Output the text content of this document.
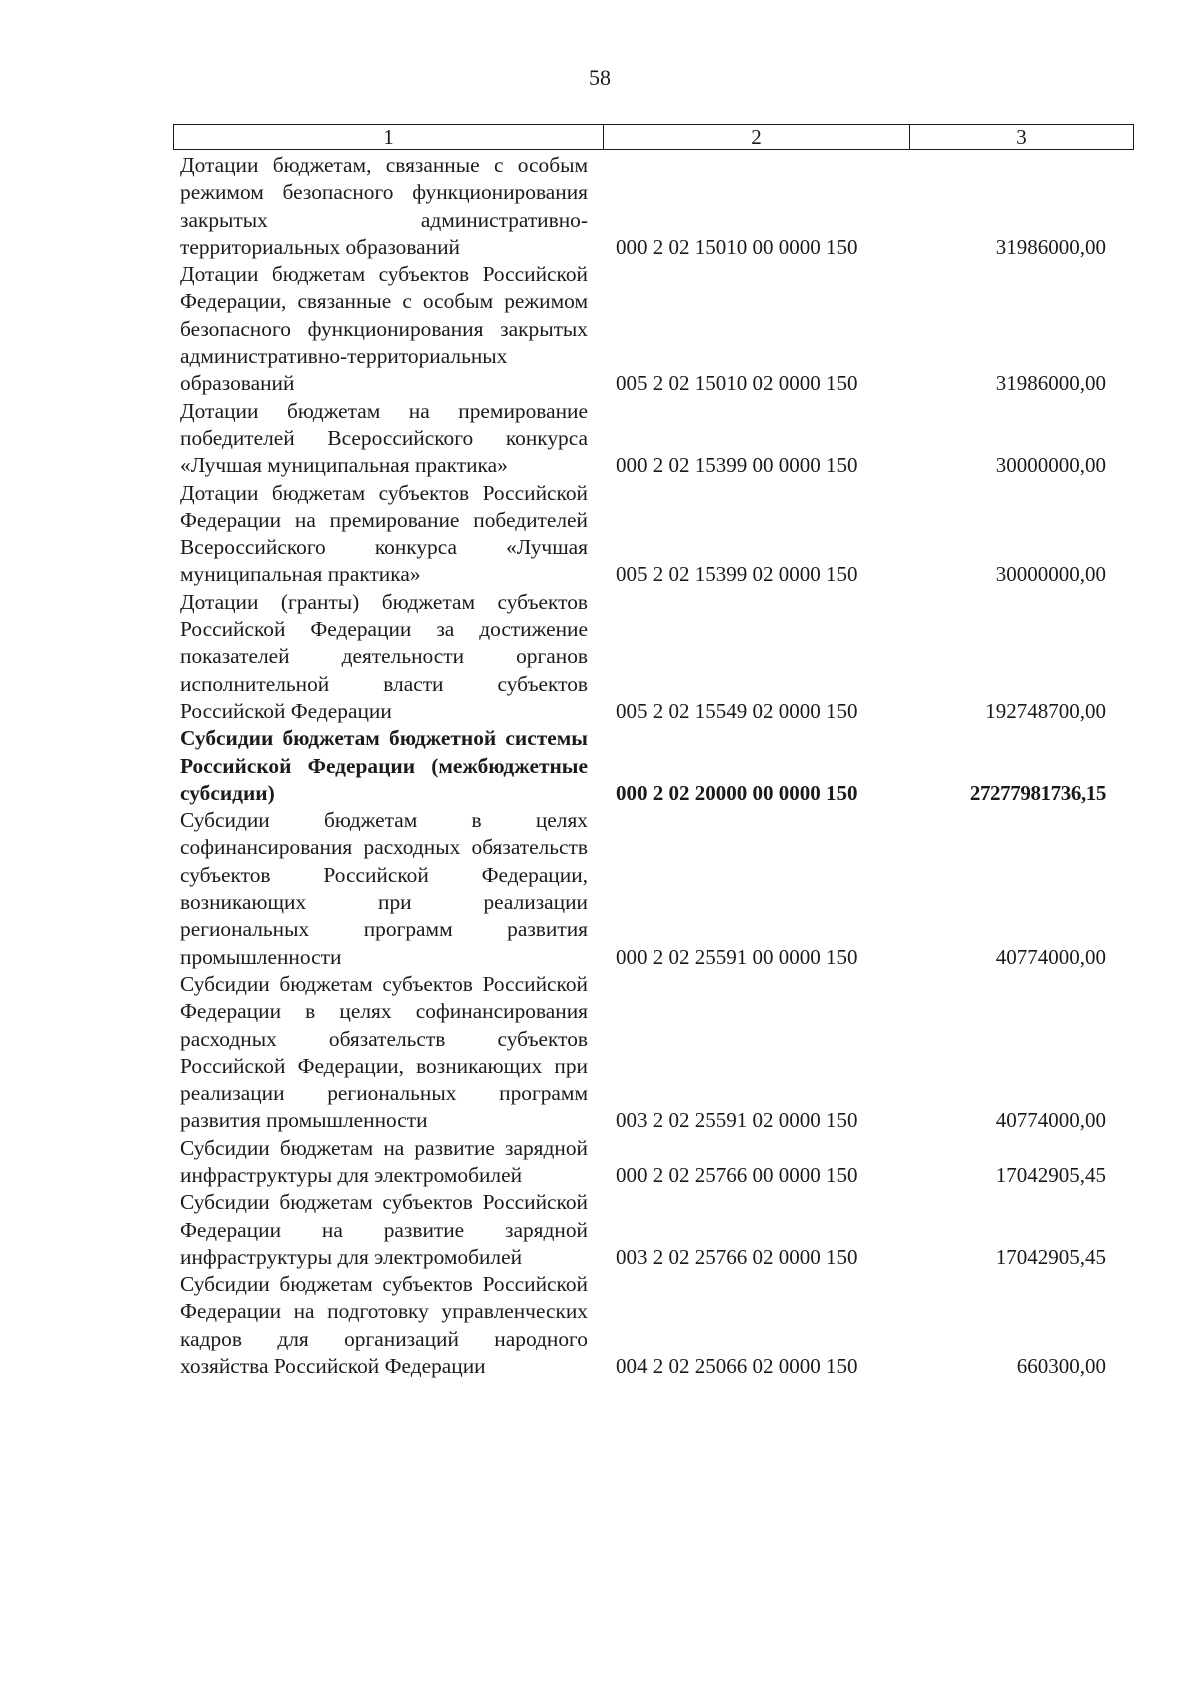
58
1	2	3
Дотации бюджетам, связанные с особым режимом безопасного функционирования закрытых административно-территориальных образований	000 2 02 15010 00 0000 150	31986000,00
Дотации бюджетам субъектов Российской Федерации, связанные с особым режимом безопасного функционирования закрытых административно-территориальных образований	005 2 02 15010 02 0000 150	31986000,00
Дотации бюджетам на премирование победителей Всероссийского конкурса «Лучшая муниципальная практика»	000 2 02 15399 00 0000 150	30000000,00
Дотации бюджетам субъектов Российской Федерации на премирование победителей Всероссийского конкурса «Лучшая муниципальная практика»	005 2 02 15399 02 0000 150	30000000,00
Дотации (гранты) бюджетам субъектов Российской Федерации за достижение показателей деятельности органов исполнительной власти субъектов Российской Федерации	005 2 02 15549 02 0000 150	192748700,00
Субсидии бюджетам бюджетной системы Российской Федерации (межбюджетные субсидии)	000 2 02 20000 00 0000 150	27277981736,15
Субсидии бюджетам в целях софинансирования расходных обязательств субъектов Российской Федерации, возникающих при реализации региональных программ развития промышленности	000 2 02 25591 00 0000 150	40774000,00
Субсидии бюджетам субъектов Российской Федерации в целях софинансирования расходных обязательств субъектов Российской Федерации, возникающих при реализации региональных программ развития промышленности	003 2 02 25591 02 0000 150	40774000,00
Субсидии бюджетам на развитие зарядной инфраструктуры для электромобилей	000 2 02 25766 00 0000 150	17042905,45
Субсидии бюджетам субъектов Российской Федерации на развитие зарядной инфраструктуры для электромобилей	003 2 02 25766 02 0000 150	17042905,45
Субсидии бюджетам субъектов Российской Федерации на подготовку управленческих кадров для организаций народного хозяйства Российской Федерации	004 2 02 25066 02 0000 150	660300,00
